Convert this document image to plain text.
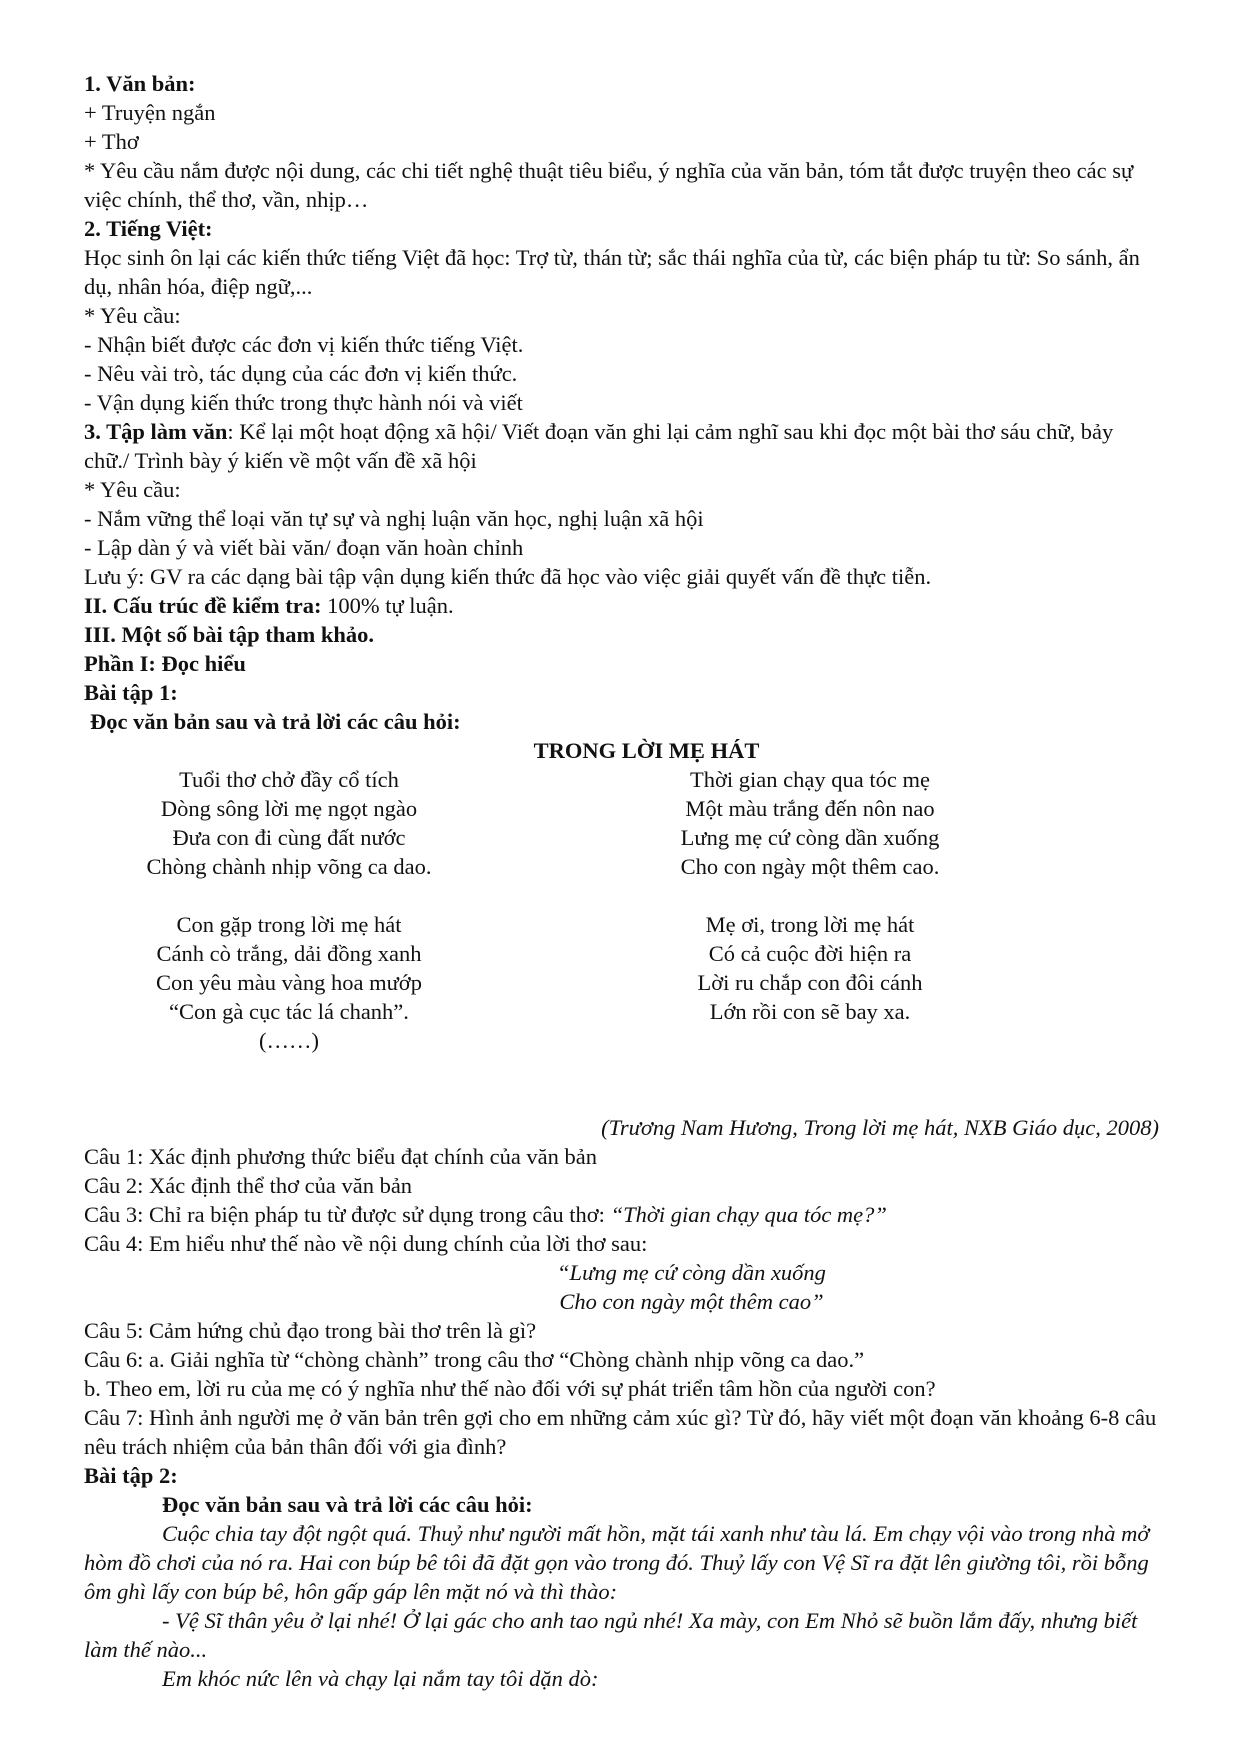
1. Văn bản:

+ Truyện ngắn

+ Thơ

* Yêu cầu nắm được nội dung, các chi tiết nghệ thuật tiêu biểu, ý nghĩa của văn bản, tóm tắt được truyện theo các sự việc chính, thể thơ, vần, nhịp…

2. Tiếng Việt:

Học sinh ôn lại các kiến thức tiếng Việt đã học: Trợ từ, thán từ; sắc thái nghĩa của từ, các biện pháp tu từ: So sánh, ẩn dụ, nhân hóa, điệp ngữ,...

* Yêu cầu:

- Nhận biết được các đơn vị kiến thức tiếng Việt.

- Nêu vài trò, tác dụng của các đơn vị kiến thức.

- Vận dụng kiến thức trong thực hành nói và viết

3. Tập làm văn: Kể lại một hoạt động xã hội/ Viết đoạn văn ghi lại cảm nghĩ sau khi đọc một bài thơ sáu chữ, bảy chữ./ Trình bày ý kiến về một vấn đề xã hội

* Yêu cầu:

- Nắm vững thể loại văn tự sự và nghị luận văn học, nghị luận xã hội

- Lập dàn ý và viết bài văn/ đoạn văn hoàn chỉnh

Lưu ý: GV ra các dạng bài tập vận dụng kiến thức đã học vào việc giải quyết vấn đề thực tiễn.

II. Cấu trúc đề kiểm tra: 100% tự luận.

III. Một số bài tập tham khảo.

Phần I: Đọc hiểu

Bài tập 1:

Đọc văn bản sau và trả lời các câu hỏi:

TRONG LỜI MẸ HÁT

Tuổi thơ chở đầy cổ tích

Dòng sông lời mẹ ngọt ngào

Đưa con đi cùng đất nước

Chòng chành nhịp võng ca dao.

Con gặp trong lời mẹ hát

Cánh cò trắng, dải đồng xanh

Con yêu màu vàng hoa mướp

“Con gà cục tác lá chanh”.

(……)

Thời gian chạy qua tóc mẹ

Một màu trắng đến nôn nao

Lưng mẹ cứ còng dần xuống

Cho con ngày một thêm cao.

Mẹ ơi, trong lời mẹ hát

Có cả cuộc đời hiện ra

Lời ru chắp con đôi cánh

Lớn rồi con sẽ bay xa.

(Trương Nam Hương, Trong lời mẹ hát, NXB Giáo dục, 2008)

Câu 1: Xác định phương thức biểu đạt chính của văn bản

Câu 2: Xác định thể thơ của văn bản

Câu 3: Chỉ ra biện pháp tu từ được sử dụng trong câu thơ: “Thời gian chạy qua tóc mẹ?”

Câu 4: Em hiểu như thế nào về nội dung chính của lời thơ sau:

“Lưng mẹ cứ còng dần xuống

Cho con ngày một thêm cao”

Câu 5: Cảm hứng chủ đạo trong bài thơ trên là gì?

Câu 6: a. Giải nghĩa từ “chòng chành” trong câu thơ “Chòng chành nhịp võng ca dao.”

b. Theo em, lời ru của mẹ có ý nghĩa như thế nào đối với sự phát triển tâm hồn của người con?

Câu 7: Hình ảnh người mẹ ở văn bản trên gợi cho em những cảm xúc gì? Từ đó, hãy viết một đoạn văn khoảng 6-8 câu nêu trách nhiệm của bản thân đối với gia đình?

Bài tập 2:

Đọc văn bản sau và trả lời các câu hỏi:

Cuộc chia tay đột ngột quá. Thuỷ như người mất hồn, mặt tái xanh như tàu lá. Em chạy vội vào trong nhà mở hòm đồ chơi của nó ra. Hai con búp bê tôi đã đặt gọn vào trong đó. Thuỷ lấy con Vệ Sĩ ra đặt lên giường tôi, rồi bỗng ôm ghì lấy con búp bê, hôn gấp gáp lên mặt nó và thì thào:

- Vệ Sĩ thân yêu ở lại nhé! Ở lại gác cho anh tao ngủ nhé! Xa mày, con Em Nhỏ sẽ buồn lắm đấy, nhưng biết làm thế nào...

Em khóc nức lên và chạy lại nắm tay tôi dặn dò:
